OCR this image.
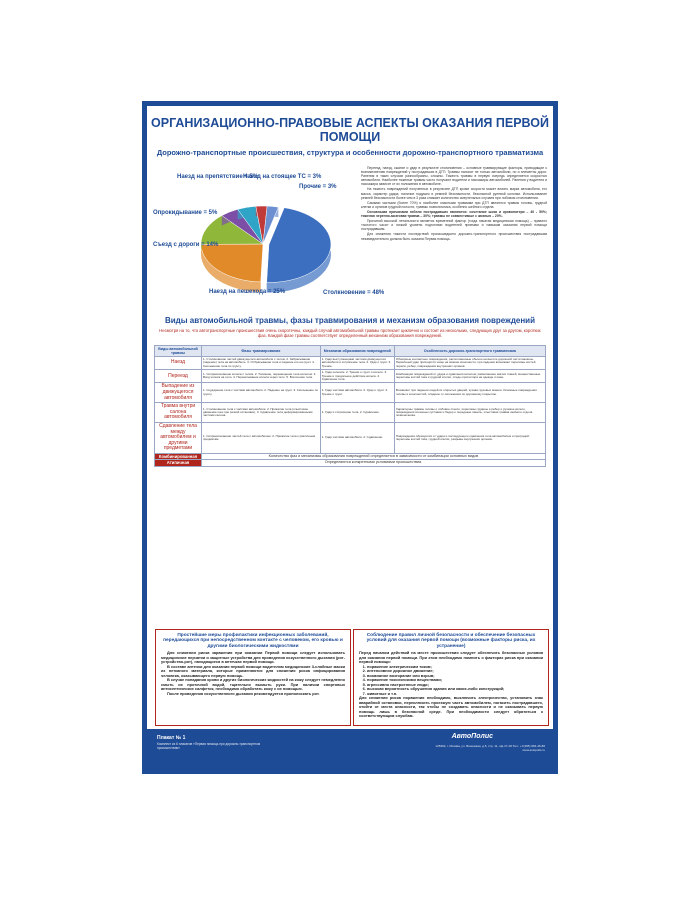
ОРГАНИЗАЦИОННО-ПРАВОВЫЕ АСПЕКТЫ ОКАЗАНИЯ ПЕРВОЙ ПОМОЩИ
Дорожно-транспортные происшествия, структура и особенности дорожно-транспортного травматизма
Столкновение = 48%
Наезд на пешехода = 25%
Съезд с дороги = 14%
Опрокидывание = 5%
Наезд на препятствие = 5%
Наезд на стоящее ТС = 3%
Прочие = 3%

Переезд, наезд, сжатие и удар в результате столкновения – основные травмирующие факторы, приводящие к возникновению повреждений у пострадавших в ДТП. Травмы наносят не только автомобили, но и элементы дорог. Ранения в таких случаях разнообразны, сложны. Тяжесть травмы в первую очередь определяется скоростью автомобиля. Наиболее тяжелые травмы часто получают водители и пассажиры автомобилей. Ранения у водителя и пассажира зависят от их положения в автомобиле.

На тяжесть повреждений полученных в результате ДТП кроме скорости может влиять марка автомобиля, его масса, характер удара, наличие подушек и ремней безопасности, безопасной рулевой колонки. Использование ремней безопасности более чем в 3 раза снижает количество смертельных случаев при лобовом столкновении.

Самыми частыми (более 70%) и наиболее опасными травмами при ДТП являются травмы головы, грудной клетки и органов грудной полости, травмы позвоночника, особенно шейного отдела.

Основными причинами гибели пострадавших являются: сочетание шока и кровопотери – 40 - 50%; тяжелая черепно-мозговая травма – 30%; травмы не совместимые с жизнью – 20%.

Причиной высокой летальности является временной фактор (тогда начатая медицинская помощь) – правило «золотого часа» и низкий уровень подготовки водителей приемам и навыкам оказания первой помощи пострадавшим.

Для снижения тяжести последствий произошедшего дорожно-транспортного происшествия пострадавшим незамедлительно должна быть оказана Первая помощь.

Виды автомобильной травмы, фазы травмирования и механизм образования повреждений
Несмотря на то, что автотранспортные происшествия очень скоротечны, каждый случай автомобильной травмы протекает циклично и состоит из нескольких, следующих друг за другом, коротких фаз. Каждой фазе травмы соответствует определенный механизм образования повреждений.
Виды автомобильной травмы	Фазы травмирования	Механизм образования повреждений	Особенность дорожно-транспортного травматизма
Наезд	1. Столкновение частей движущегося автомобиля с телом. 2. Забрасывание (падение) тела на автомобиль. 3. Отбрасывание тела и падение его на грунт. 4. Скольжение тела по грунту.	1. Удар выступающими частями движущегося автомобиля и сотрясение тела. 2. Удар о грунт. 3. Трение.	Обширные контактные повреждения, расположенные обычно на высоте дорожной части машины. Первичный удар приходится чаще на нижние конечности, при падении возникают переломы костей черепа, ребер, повреждения внутренних органов.
Переезд	1. Соприкосновение колеса с телом. 2. Толкание, перемещение тела колесом. 3. Вход колеса на тело. 4. Перекатывание колеса через тело. 5. Волочение тела.	1. Удар колесом. 2. Трение о грунт и колесо. 3. Трение и продольное действие колеса. 4. Сдавление тела.	Комбинация повреждений от удара и сдавления колесом: размозжение мягких тканей, множественные переломы костей таза и грудной клетки, следы протектора на одежде и коже.
Выпадение из движущегося автомобиля	1. Соударение тела с частями автомобиля. 2. Падение на грунт. 3. Скольжение по грунту.	1. Удар частями автомобиля. 2. Удар о грунт. 3. Трение о грунт.	Возникает при падении людей из открытых дверей, кузова грузовых машин. Основные повреждения головы и конечностей, ссадины от скольжения по дорожному покрытию.
Травма внутри салона автомобиля	1. Столкновение тела с частями автомобиля. 2. Прижатие тела (хлыстовое движение шеи при резкой остановке). 3. Сдавление тела деформированными частями салона.	1. Удар и сотрясение тела. 2. Сдавление.	Характерны травмы головы о лобовое стекло, переломы грудины и ребер о рулевое колесо, повреждения коленных суставов и бедер о переднюю панель, хлыстовая травма шейного отдела позвоночника.
Сдавление тела между автомобилем и другими предметами	1. Соприкосновение частей тела с автомобилем. 2. Прижатие тела к различным предметам.	1. Удар частями автомобиля. 2. Сдавление.	Повреждения образуются от удара и последующего сдавления тела автомобилем и преградой: переломы костей таза, грудной клетки, разрывы внутренних органов.
Комбинированная	Количество фаз и механизмы образования повреждений определяется в зависимости от комбинации основных видов		
Атипичная	Определяются конкретными условиями происшествия.		
Простейшие меры профилактики инфекционных заболеваний, передающихся при непосредственном контакте с человеком, его кровью и другими биологическими жидкостями

Для снижения риска заражения при оказании Первой помощи следует использовать медицинские перчатки и защитные устройства для проведения искусственного дыхания (рот-устройство-рот), находящиеся в аптечках первой помощи.

В составе аптечки для оказания первой помощи водителям медицинские 3-слойные маски из нетканого материала, которые применяются для снижения риска инфицирования человека, оказывающего первую помощь.

В случае попадания крови и других биологических жидкостей на кожу следует немедленно смыть их проточной водой, тщательно вымыть руки. При наличии спиртовых антисептических салфеток, необходимо обработать кожу с их помощью.

После проведения искусственного дыхания рекомендуется прополоскать рот.

Соблюдение правил личной безопасности и обеспечение безопасных условий для оказания первой помощи (возможные факторы риска, их устранение)

Перед началом действий на месте происшествия следует обеспечить безопасные условия для оказания первой помощи. При этом необходимо помнить о факторах риска при оказании первой помощи:

1. поражение электрическим током;
2. интенсивное дорожное движение;
3. возможное возгорание или взрыв;
4. поражение токсическими веществами;
5. агрессивно настроенные люди;
6. высокая вероятность обрушения здания или каких-либо конструкций;
7. животные и т.п.

Для снижения риска поражения необходимо, выключить электричество, установить знак аварийной остановки, переключить проезжую часть автомобилем, погасить пострадавшего, отойти от места опасности, так чтобы не создавать опасности и не оказывать первую помощь лишь в безопасной среде. При необходимости следует обратиться к соответствующим службам.

Плакат № 1
Комплект из 6 плакатов «Первая помощь при дорожно-транспортном происшествии»
АвтоПолис
125362, г. Москва, ул. Вишневая, д.5, стр. 11, оф.17-18 Тел.: +7(495) 981-46-86 www.avtopolis.ru
